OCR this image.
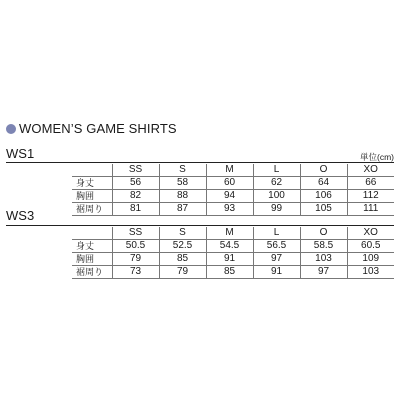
WOMEN’S GAME SHIRTS
単位(cm)
WS1
	SS	S	M	L	O	XO
身丈	56	58	60	62	64	66
胸囲	82	88	94	100	106	112
裾周り	81	87	93	99	105	111
WS3
	SS	S	M	L	O	XO
身丈	50.5	52.5	54.5	56.5	58.5	60.5
胸囲	79	85	91	97	103	109
裾周り	73	79	85	91	97	103
